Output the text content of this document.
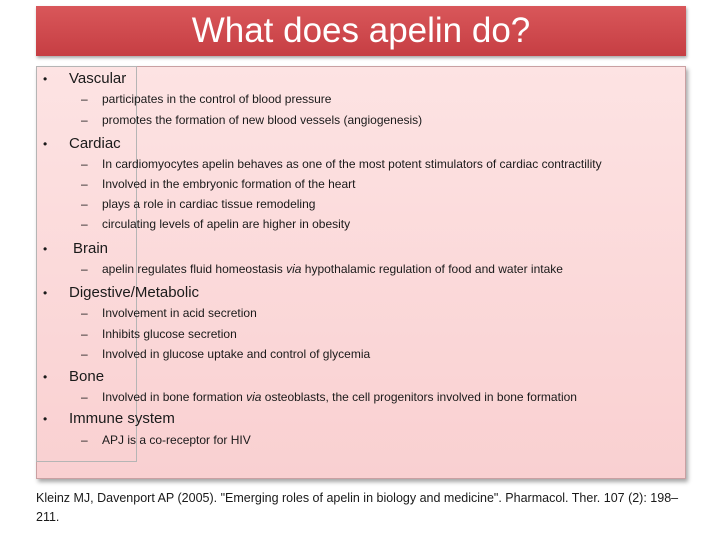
What does apelin do?
• Vascular
– participates in the control of blood pressure
– promotes the formation of new blood vessels (angiogenesis)
• Cardiac
– In cardiomyocytes apelin behaves as one of the most potent stimulators of cardiac contractility
– Involved in the embryonic formation of the heart
– plays a role in cardiac tissue remodeling
– circulating levels of apelin are higher in obesity
• Brain
– apelin regulates fluid homeostasis via hypothalamic regulation of food and water intake
• Digestive/Metabolic
– Involvement in acid secretion
– Inhibits glucose secretion
– Involved in glucose uptake and control of glycemia
• Bone
– Involved in bone formation via osteoblasts, the cell progenitors involved in bone formation
• Immune system
– APJ is a co-receptor for HIV
Kleinz MJ, Davenport AP (2005). "Emerging roles of apelin in biology and medicine". Pharmacol. Ther. 107 (2): 198–211.
